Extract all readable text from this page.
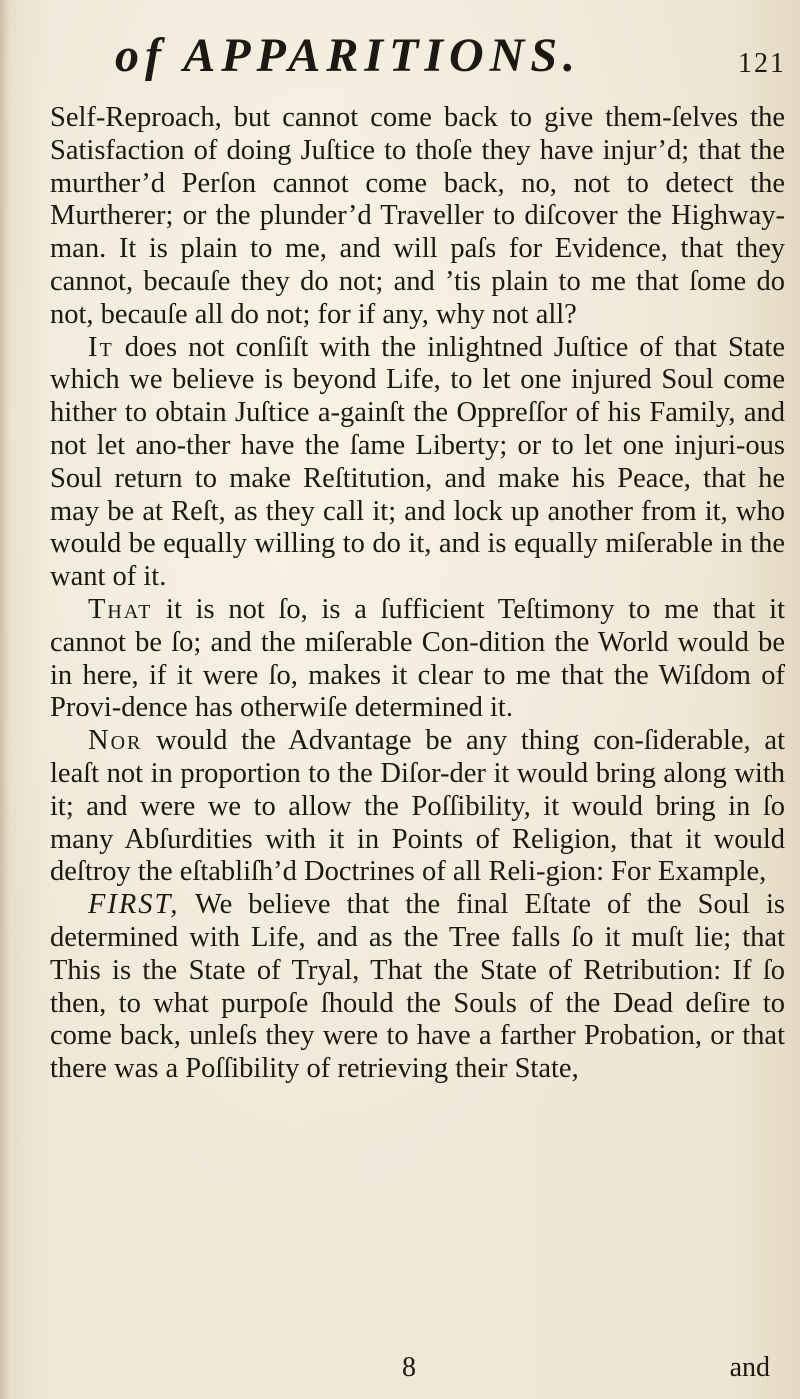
of APPARITIONS.	121

Self-Reproach, but cannot come back to give them-ſelves the Satisfaction of doing Juſtice to thoſe they have injur’d; that the murther’d Perſon cannot come back, no, not to detect the Murtherer; or the plunder’d Traveller to diſcover the Highway-man. It is plain to me, and will paſs for Evidence, that they cannot, becauſe they do not; and ’tis plain to me that ſome do not, becauſe all do not; for if any, why not all?

It does not conſiſt with the inlightned Juſtice of that State which we believe is beyond Life, to let one injured Soul come hither to obtain Juſtice a-gainſt the Oppreſſor of his Family, and not let ano-ther have the ſame Liberty; or to let one injuri-ous Soul return to make Reſtitution, and make his Peace, that he may be at Reſt, as they call it; and lock up another from it, who would be equally willing to do it, and is equally miſerable in the want of it.

That it is not ſo, is a ſufficient Teſtimony to me that it cannot be ſo; and the miſerable Con-dition the World would be in here, if it were ſo, makes it clear to me that the Wiſdom of Provi-dence has otherwiſe determined it.

Nor would the Advantage be any thing con-ſiderable, at leaſt not in proportion to the Diſor-der it would bring along with it; and were we to allow the Poſſibility, it would bring in ſo many Abſurdities with it in Points of Religion, that it would deſtroy the eſtabliſh’d Doctrines of all Reli-gion: For Example,

FIRST, We believe that the final Eſtate of the Soul is determined with Life, and as the Tree falls ſo it muſt lie; that This is the State of Tryal, That the State of Retribution: If ſo then, to what purpoſe ſhould the Souls of the Dead deſire to come back, unleſs they were to have a farther Probation, or that there was a Poſſibility of retrieving their State,

8	and
